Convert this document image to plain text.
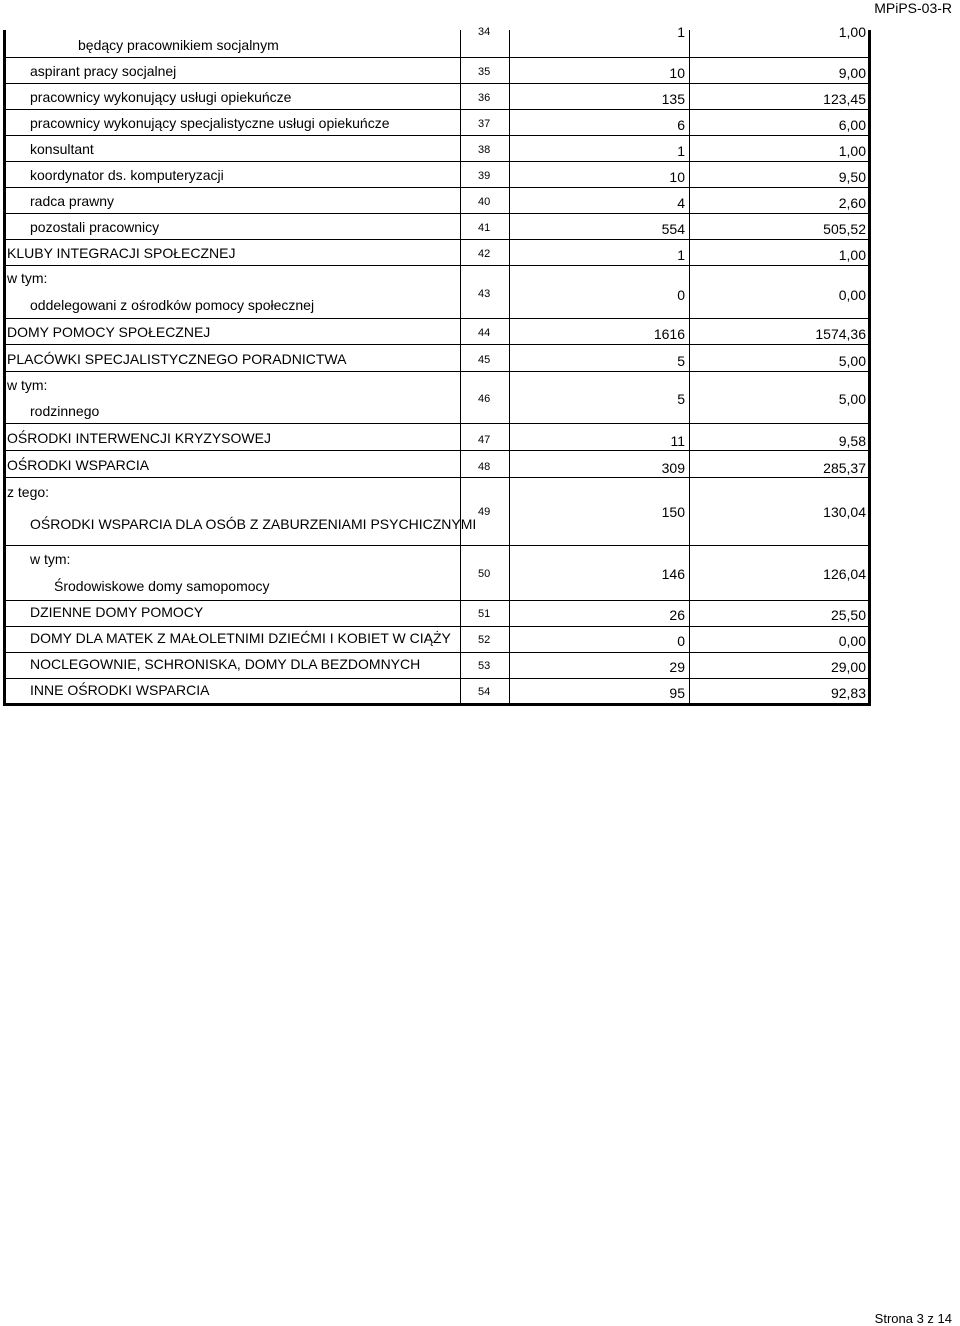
MPiPS-03-R
będący pracownikiem socjalnym
34	1	1,00
aspirant pracy socjalnej	35	10	9,00
pracownicy wykonujący usługi opiekuńcze	36	135	123,45
pracownicy wykonujący specjalistyczne usługi opiekuńcze	37	6	6,00
konsultant	38	1	1,00
koordynator ds. komputeryzacji	39	10	9,50
radca prawny	40	4	2,60
pozostali pracownicy	41	554	505,52
KLUBY INTEGRACJI SPOŁECZNEJ	42	1	1,00
w tym:
oddelegowani z ośrodków pomocy społecznej
43	0	0,00
DOMY POMOCY SPOŁECZNEJ	44	1616	1574,36
PLACÓWKI SPECJALISTYCZNEGO PORADNICTWA	45	5	5,00
w tym:
rodzinnego
46	5	5,00
OŚRODKI INTERWENCJI KRYZYSOWEJ	47	11	9,58
OŚRODKI WSPARCIA	48	309	285,37
z tego:
OŚRODKI WSPARCIA DLA OSÓB Z ZABURZENIAMI PSYCHICZNYMI
49	150	130,04
w tym:
Środowiskowe domy samopomocy
50	146	126,04
DZIENNE DOMY POMOCY	51	26	25,50
DOMY DLA MATEK Z MAŁOLETNIMI DZIEĆMI I KOBIET W CIĄŻY	52	0	0,00
NOCLEGOWNIE, SCHRONISKA, DOMY DLA BEZDOMNYCH	53	29	29,00
INNE OŚRODKI WSPARCIA	54	95	92,83
Strona 3 z 14
